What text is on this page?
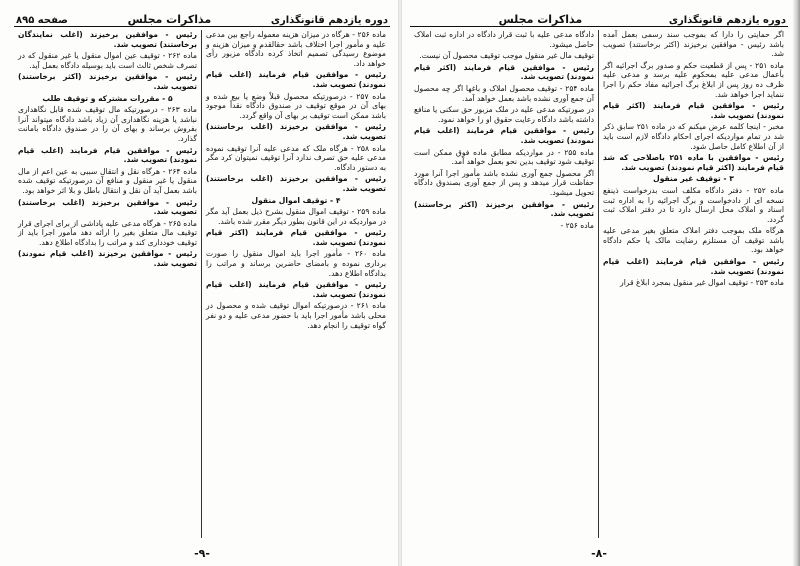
دوره یازدهم قانونگذاری
مذاکرات مجلس
صفحه ۸۹۵

ماده ۲۵۶ - هرگاه در میزان هزینه معموله راجع بین مدعی علیه و مأمور اجرا اختلاف باشد حقالقدم و میزان هزینه و موضوع رسیدگی تصمیم اتخاذ کرده دادگاه مزبور رأی خواهد داد.

رئیس - موافقین قیام فرمایند (اغلب قیام نمودند) تصویب شد.

ماده ۲۵۷ - درصورتیکه محصول قبلاً وضع یا بیع شده و بهای آن در موقع توقیف در صندوق دادگاه نقداً موجود باشد ممکن است توقیف بر بهای آن واقع گردد.

رئیس - موافقین برخیزند (اغلب برخاستند) تصویب شد.

ماده ۲۵۸ - هرگاه ملک که مدعی علیه آنرا توقیف نموده مدعی علیه حق تصرف ندارد آنرا توقیف نمیتوان کرد مگر به دستور دادگاه.

رئیس - موافقین برخیزند (اغلب برخاستند) تصویب شد.

۴ - توقیف اموال منقول

ماده ۲۵۹ - توقیف اموال منقول بشرح ذیل بعمل آید مگر در مواردیکه در این قانون بطور دیگر مقرر شده باشد.

رئیس - موافقین قیام فرمایند (اکثر قیام نمودند) تصویب شد.

ماده ۲۶۰ - مأمور اجرا باید اموال منقول را صورت برداری نموده و بامضای حاضرین برساند و مراتب را بدادگاه اطلاع دهد.

رئیس - موافقین قیام فرمایند (اغلب قیام نمودند) تصویب شد.

ماده ۲۶۱ - درصورتیکه اموال توقیف شده و محصول در محلی باشد مأمور اجرا باید با حضور مدعی علیه و دو نفر گواه توقیف را انجام دهد.

رئیس - موافقین برخیزند (اغلب نمایندگان برخاستند) تصویب شد.

ماده ۲۶۲ - توقیف عین اموال منقول یا غیر منقول که در تصرف شخص ثالث است باید بوسیله دادگاه بعمل آید.

رئیس - موافقین برخیزند (اکثر برخاستند) تصویب شد.

۵ - مقررات مشترکه و توقیف طلب

ماده ۲۶۳ - درصورتیکه مال توقیف شده قابل نگاهداری نباشد یا هزینه نگاهداری آن زیاد باشد دادگاه میتواند آنرا بفروش برساند و بهای آن را در صندوق دادگاه بامانت گذارد.

رئیس - موافقین قیام فرمایند (اغلب قیام نمودند) تصویب شد.

ماده ۲۶۴ - هرگاه نقل و انتقال سببی به عین اعم از مال منقول یا غیر منقول و منافع آن درصورتیکه توقیف شده باشد بعمل آید آن نقل و انتقال باطل و بلا اثر خواهد بود.

رئیس - موافقین برخیزند (اغلب برخاستند) تصویب شد.

ماده ۲۶۵ - هرگاه مدعی علیه پاداشی از برای اجرای قرار توقیف مال متعلق بغیر را ارائه دهد مأمور اجرا باید از توقیف خودداری کند و مراتب را بدادگاه اطلاع دهد.

رئیس - موافقین برخیزند (اغلب قیام نمودند) تصویب شد.

-۹-
دوره یازدهم قانونگذاری
مذاکرات مجلس

اگر حمایتی را دارا که بموجب سند رسمی بعمل آمده باشد رئیس - موافقین برخیزند (اکثر برخاستند) تصویب شد.

ماده ۲۵۱ - پس از قطعیت حکم و صدور برگ اجرائیه اگر بأعمال مدعی علیه بمحکوم علیه برسد و مدعی علیه ظرف ده روز پس از ابلاغ برگ اجرائیه مفاد حکم را اجرا ننماید اجرا خواهد شد.

رئیس - موافقین قیام فرمایند (اکثر قیام نمودند) تصویب شد.

مخبر - اینجا کلمه عرض میکنم که در ماده ۲۵۱ سابق ذکر شد در تمام مواردیکه اجرای احکام دادگاه لازم است باید از آن اطلاع کامل حاصل شود.

رئیس - موافقین با ماده ۲۵۱ باصلاحی که شد قیام فرمایند (اکثر قیام نمودند) تصویب شد.

۳ - توقیف غیر منقول

ماده ۲۵۲ - دفتر دادگاه مکلف است بدرخواست ذینفع نسخه ای از دادخواست و برگ اجرائیه را به اداره ثبت اسناد و املاک محل ارسال دارد تا در دفتر املاک ثبت گردد.

هرگاه ملک بموجب دفتر املاک متعلق بغیر مدعی علیه باشد توقیف آن مستلزم رضایت مالک یا حکم دادگاه خواهد بود.

رئیس - موافقین قیام فرمایند (اغلب قیام نمودند) تصویب شد.

ماده ۲۵۳ - توقیف اموال غیر منقول بمجرد ابلاغ قرار

دادگاه مدعی علیه با ثبت قرار دادگاه در اداره ثبت املاک حاصل میشود.

توقیف مال غیر منقول موجب توقیف محصول آن نیست.

رئیس - موافقین قیام فرمایند (اکثر قیام نمودند) تصویب شد.

ماده ۲۵۴ - توقیف محصول املاک و باغها اگر چه محصول آن جمع آوری نشده باشد بعمل خواهد آمد.

در صورتیکه مدعی علیه در ملک مزبور حق سکنی یا منافع داشته باشد دادگاه رعایت حقوق او را خواهد نمود.

رئیس - موافقین قیام فرمایند (اغلب قیام نمودند) تصویب شد.

ماده ۲۵۵ - در مواردیکه مطابق ماده فوق ممکن است توقیف شود توقیف بدین نحو بعمل خواهد آمد.

اگر محصول جمع آوری نشده باشد مأمور اجرا آنرا مورد حفاظت قرار میدهد و پس از جمع آوری بصندوق دادگاه تحویل میشود.

رئیس - موافقین برخیزند (اکثر برخاستند) تصویب شد.

ماده ۲۵۶ -

-۸-
